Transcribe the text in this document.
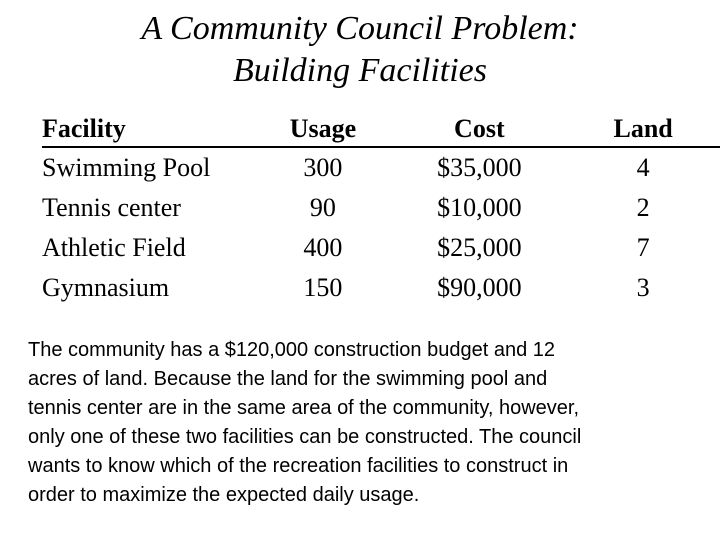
A Community Council Problem:
Building Facilities
Facility	Usage	Cost	Land
Swimming Pool	300	$35,000	4
Tennis center	90	$10,000	2
Athletic Field	400	$25,000	7
Gymnasium	150	$90,000	3
The community has a $120,000 construction budget and 12
acres of land. Because the land for the swimming pool and
tennis center are in the same area of the community, however,
only one of these two facilities can be constructed. The council
wants to know which of the recreation facilities to construct in
order to maximize the expected daily usage.
